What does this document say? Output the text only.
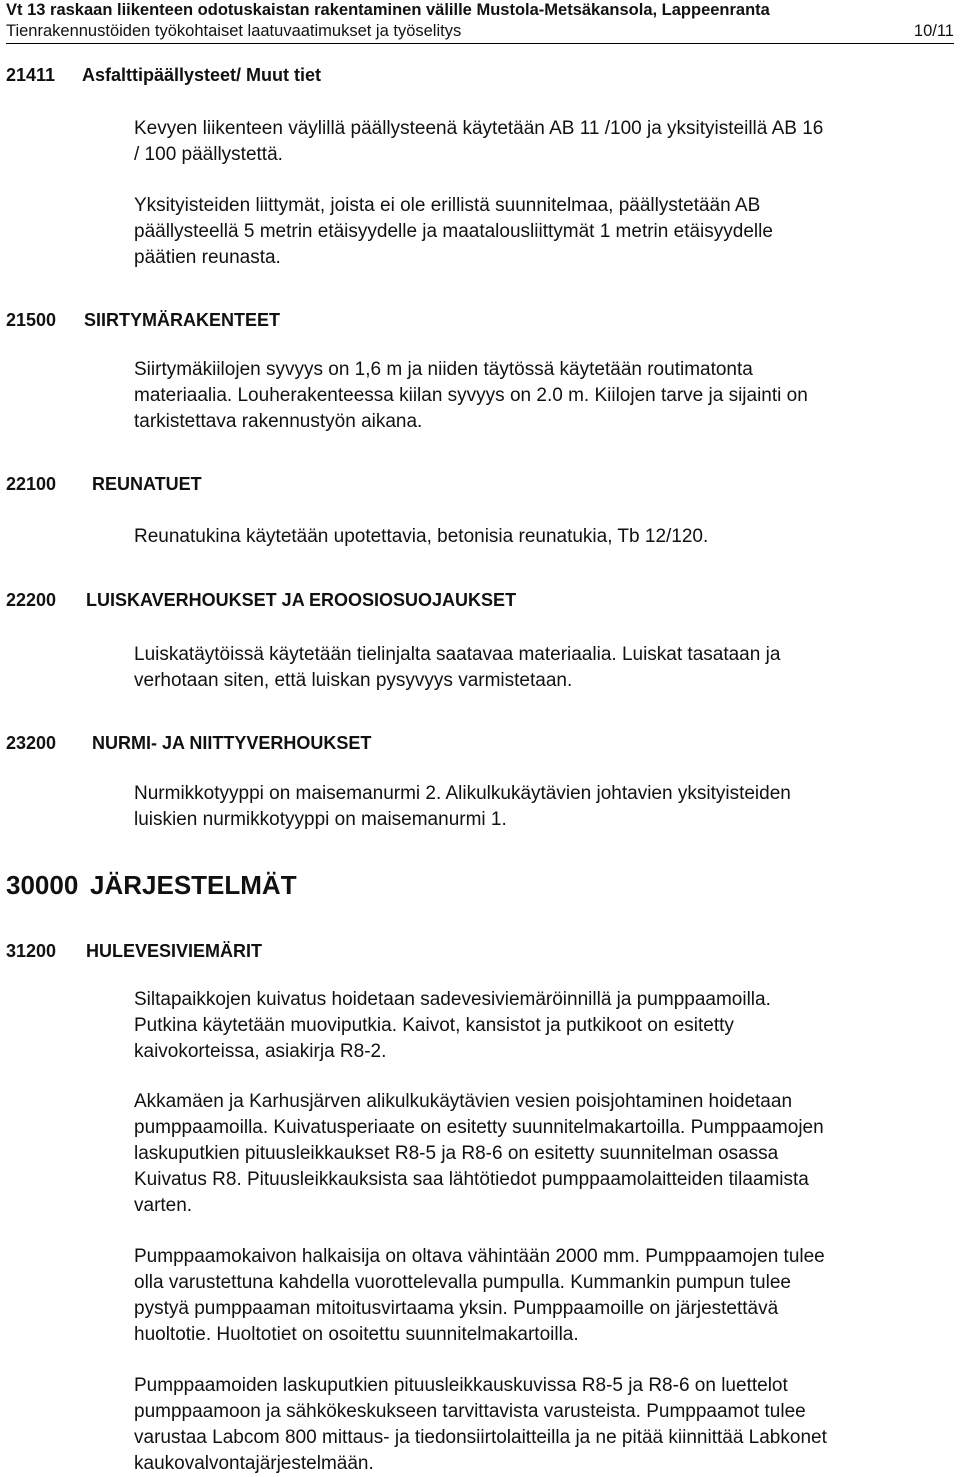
Vt 13 raskaan liikenteen odotuskaistan rakentaminen välille Mustola-Metsäkansola, Lappeenranta
Tienrakennustöiden työkohtaiset laatuvaatimukset ja työselitys	10/11
21411 Asfalttipäällysteet/ Muut tiet
Kevyen liikenteen väylillä päällysteenä käytetään AB 11 /100 ja yksityisteillä AB 16
/ 100 päällystettä.
Yksityisteiden liittymät, joista ei ole erillistä suunnitelmaa, päällystetään AB
päällysteellä 5 metrin etäisyydelle ja maatalousliittymät 1 metrin etäisyydelle
päätien reunasta.
21500 SIIRTYMÄRAKENTEET
Siirtymäkiilojen syvyys on 1,6 m ja niiden täytössä käytetään routimatonta
materiaalia. Louherakenteessa kiilan syvyys on 2.0 m. Kiilojen tarve ja sijainti on
tarkistettava rakennustyön aikana.
22100 REUNATUET
Reunatukina käytetään upotettavia, betonisia reunatukia, Tb 12/120.
22200 LUISKAVERHOUKSET JA EROOSIOSUOJAUKSET
Luiskatäytöissä käytetään tielinjalta saatavaa materiaalia. Luiskat tasataan ja
verhotaan siten, että luiskan pysyvyys varmistetaan.
23200 NURMI- JA NIITTYVERHOUKSET
Nurmikkotyyppi on maisemanurmi 2. Alikulkukäytävien johtavien yksityisteiden
luiskien nurmikkotyyppi on maisemanurmi 1.
30000 JÄRJESTELMÄT
31200 HULEVESIVIEMÄRIT
Siltapaikkojen kuivatus hoidetaan sadevesiviemäröinnillä ja pumppaamoilla.
Putkina käytetään muoviputkia. Kaivot, kansistot ja putkikoot on esitetty
kaivokorteissa, asiakirja R8-2.
Akkamäen ja Karhusjärven alikulkukäytävien vesien poisjohtaminen hoidetaan
pumppaamoilla. Kuivatusperiaate on esitetty suunnitelmakartoilla. Pumppaamojen
laskuputkien pituusleikkaukset R8-5 ja R8-6 on esitetty suunnitelman osassa
Kuivatus R8. Pituusleikkauksista saa lähtötiedot pumppaamolaitteiden tilaamista
varten.
Pumppaamokaivon halkaisija on oltava vähintään 2000 mm. Pumppaamojen tulee
olla varustettuna kahdella vuorottelevalla pumpulla. Kummankin pumpun tulee
pystyä pumppaaman mitoitusvirtaama yksin. Pumppaamoille on järjestettävä
huoltotie. Huoltotiet on osoitettu suunnitelmakartoilla.
Pumppaamoiden laskuputkien pituusleikkauskuvissa R8-5 ja R8-6 on luettelot
pumppaamoon ja sähkökeskukseen tarvittavista varusteista. Pumppaamot tulee
varustaa Labcom 800 mittaus- ja tiedonsiirtolaitteilla ja ne pitää kiinnittää Labkonet
kaukovalvontajärjestelmään.
